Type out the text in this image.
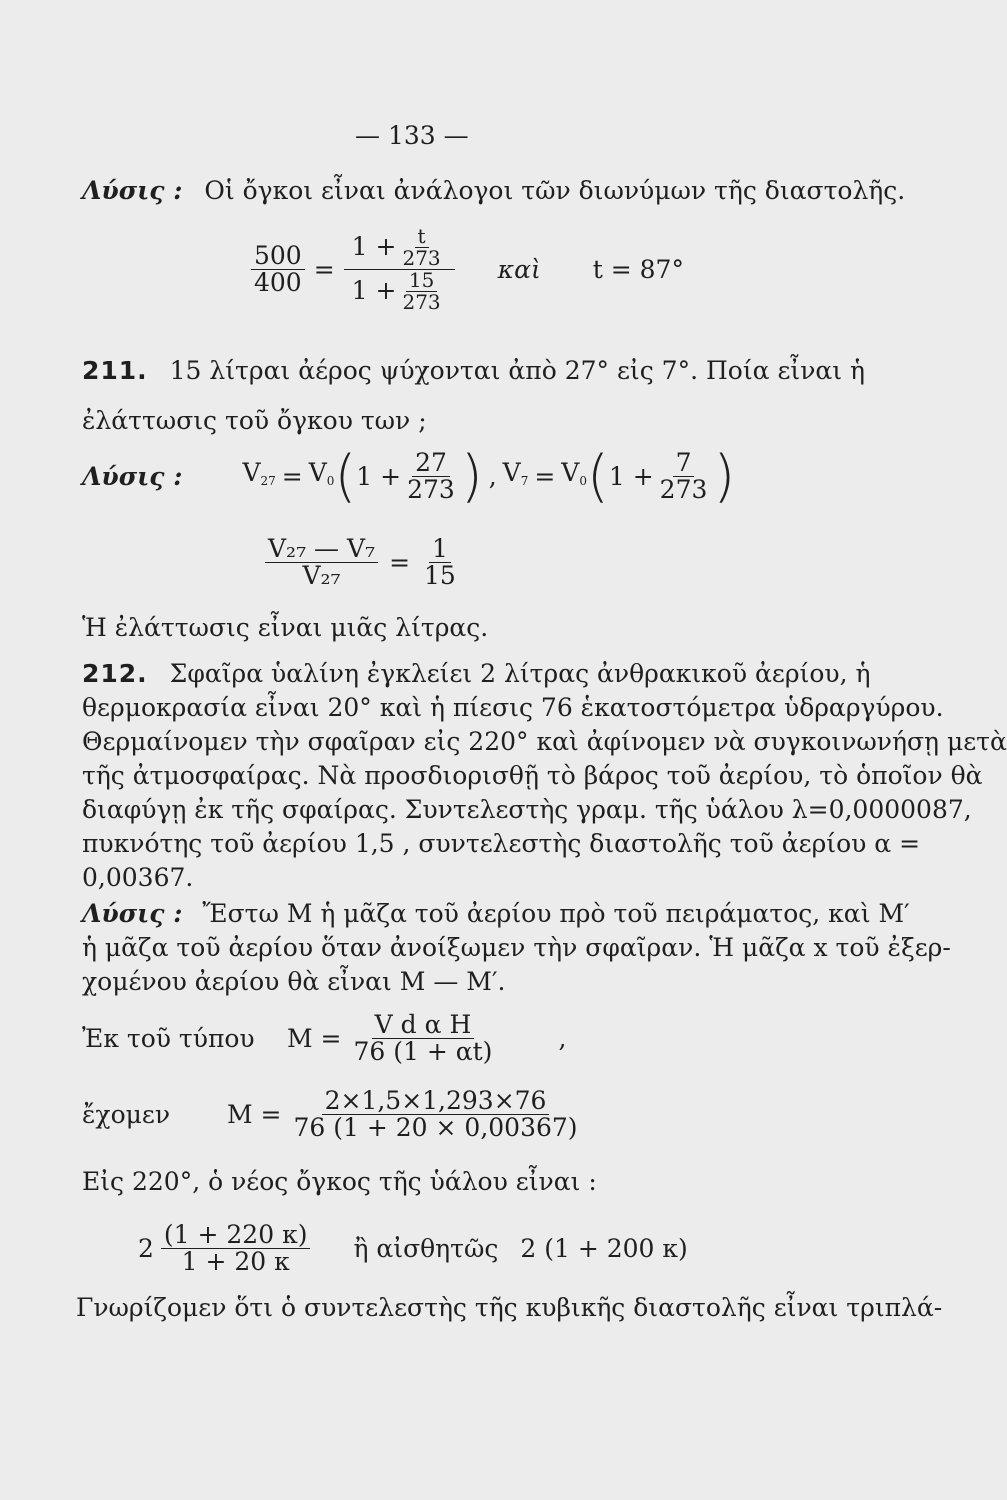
— 133 —
Λύσις : Οἱ ὄγκοι εἶναι ἀνάλογοι τῶν διωνύμων τῆς διαστολῆς.
$\frac{500}{400} = \frac{1 + \frac{t}{273}}{1 + \frac{15}{273}}$ καὶ t = 87°
211. 15 λίτραι ἀέρος ψύχονται ἀπὸ 27° εἰς 7°. Ποία εἶναι ἡ
ἐλάττωσις τοῦ ὄγκου των ;
Λύσις : $V_{27} = V_0$ ( $1 + \frac{27}{273}$ ) , $V_7 = V_0$ ( $1 + \frac{7}{273}$ )
$\frac{\text{V₂₇ — V₇}}{\text{V₂₇}} = \frac{1}{15}$
Ἡ ἐλάττωσις εἶναι μιᾶς λίτρας.
212. Σφαῖρα ὑαλίνη ἐγκλείει 2 λίτρας ἀνθρακικοῦ ἀερίου, ἡ
θερμοκρασία εἶναι 20° καὶ ἡ πίεσις 76 ἑκατοστόμετρα ὑδραργύρου.
Θερμαίνομεν τὴν σφαῖραν εἰς 220° καὶ ἀφίνομεν νὰ συγκοινωνήσῃ μετὰ
τῆς ἀτμοσφαίρας. Νὰ προσδιορισθῇ τὸ βάρος τοῦ ἀερίου, τὸ ὁποῖον θὰ
διαφύγῃ ἐκ τῆς σφαίρας. Συντελεστὴς γραμ. τῆς ὑάλου λ=0,0000087,
πυκνότης τοῦ ἀερίου 1,5 , συντελεστὴς διαστολῆς τοῦ ἀερίου α =
0,00367.
Λύσις : Ἔστω Μ ἡ μᾶζα τοῦ ἀερίου πρὸ τοῦ πειράματος, καὶ Μ′
ἡ μᾶζα τοῦ ἀερίου ὅταν ἀνοίξωμεν τὴν σφαῖραν. Ἡ μᾶζα x τοῦ ἐξερ-
χομένου ἀερίου θὰ εἶναι Μ — Μ′.
Ἐκ τοῦ τύπου	$M = \frac{\text{V d α H}}{76 (1 + \alpha t)}$	,
ἔχομεν	$M = \frac{2\times 1,5\times 1,293\times 76}{76 (1 + 20 \times 0,00367)}$
Εἰς 220°, ὁ νέος ὄγκος τῆς ὑάλου εἶναι :
$2 \frac{(1 + 220 \kappa)}{1 + 20 \kappa}$ ἢ αἰσθητῶς 2 (1 + 200 κ)
Γνωρίζομεν ὅτι ὁ συντελεστὴς τῆς κυβικῆς διαστολῆς εἶναι τριπλά-
